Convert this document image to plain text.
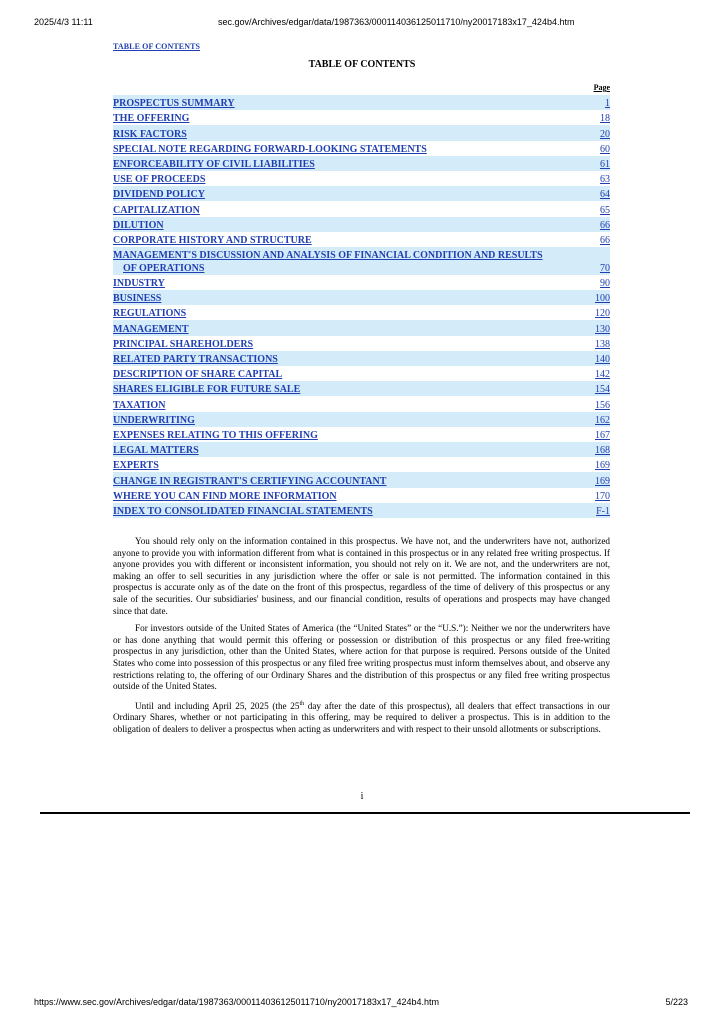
2025/4/3 11:11	sec.gov/Archives/edgar/data/1987363/000114036125011710/ny20017183x17_424b4.htm
TABLE OF CONTENTS
TABLE OF CONTENTS
Page
PROSPECTUS SUMMARY	1
THE OFFERING	18
RISK FACTORS	20
SPECIAL NOTE REGARDING FORWARD-LOOKING STATEMENTS	60
ENFORCEABILITY OF CIVIL LIABILITIES	61
USE OF PROCEEDS	63
DIVIDEND POLICY	64
CAPITALIZATION	65
DILUTION	66
CORPORATE HISTORY AND STRUCTURE	66
MANAGEMENT'S DISCUSSION AND ANALYSIS OF FINANCIAL CONDITION AND RESULTS
OF OPERATIONS	70
INDUSTRY	90
BUSINESS	100
REGULATIONS	120
MANAGEMENT	130
PRINCIPAL SHAREHOLDERS	138
RELATED PARTY TRANSACTIONS	140
DESCRIPTION OF SHARE CAPITAL	142
SHARES ELIGIBLE FOR FUTURE SALE	154
TAXATION	156
UNDERWRITING	162
EXPENSES RELATING TO THIS OFFERING	167
LEGAL MATTERS	168
EXPERTS	169
CHANGE IN REGISTRANT'S CERTIFYING ACCOUNTANT	169
WHERE YOU CAN FIND MORE INFORMATION	170
INDEX TO CONSOLIDATED FINANCIAL STATEMENTS	F-1

You should rely only on the information contained in this prospectus. We have not, and the underwriters have not, authorized anyone to provide you with information different from what is contained in this prospectus or in any related free writing prospectus. If anyone provides you with different or inconsistent information, you should not rely on it. We are not, and the underwriters are not, making an offer to sell securities in any jurisdiction where the offer or sale is not permitted. The information contained in this prospectus is accurate only as of the date on the front of this prospectus, regardless of the time of delivery of this prospectus or any sale of the securities. Our subsidiaries' business, and our financial condition, results of operations and prospects may have changed since that date.

For investors outside of the United States of America (the “United States” or the “U.S.”): Neither we nor the underwriters have or has done anything that would permit this offering or possession or distribution of this prospectus or any filed free-writing prospectus in any jurisdiction, other than the United States, where action for that purpose is required. Persons outside of the United States who come into possession of this prospectus or any filed free writing prospectus must inform themselves about, and observe any restrictions relating to, the offering of our Ordinary Shares and the distribution of this prospectus or any filed free writing prospectus outside of the United States.

Until and including April 25, 2025 (the 25th day after the date of this prospectus), all dealers that effect transactions in our Ordinary Shares, whether or not participating in this offering, may be required to deliver a prospectus. This is in addition to the obligation of dealers to deliver a prospectus when acting as underwriters and with respect to their unsold allotments or subscriptions.

i
https://www.sec.gov/Archives/edgar/data/1987363/000114036125011710/ny20017183x17_424b4.htm	5/223
